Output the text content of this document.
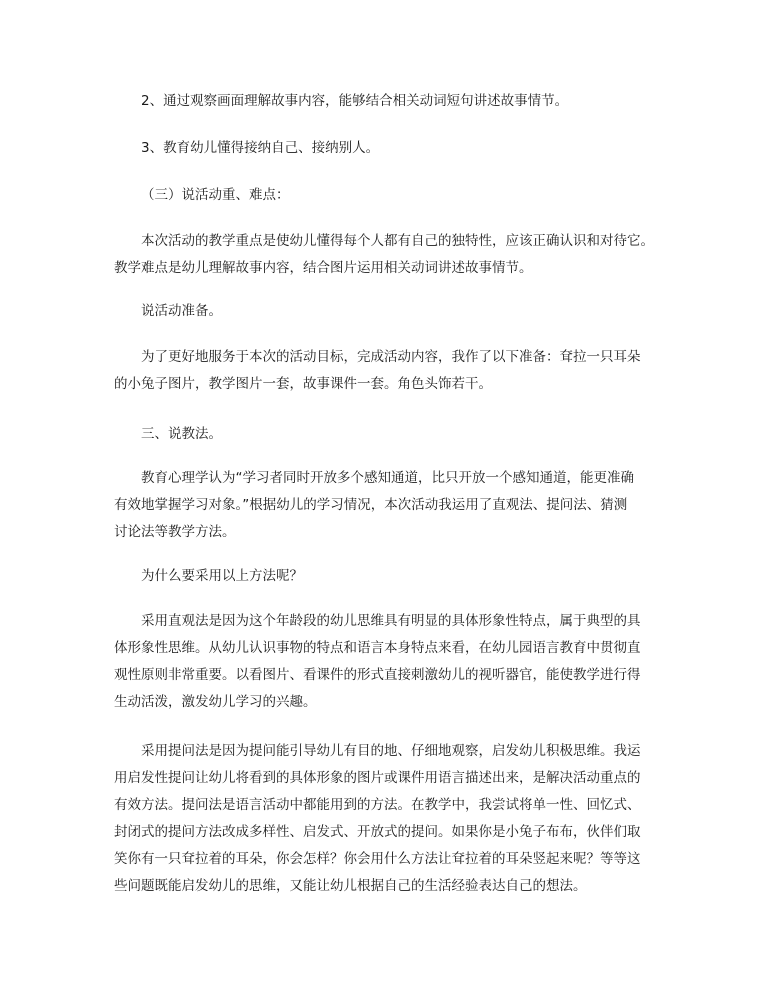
2、通过观察画面理解故事内容，能够结合相关动词短句讲述故事情节。

3、教育幼儿懂得接纳自己、接纳别人。

（三）说活动重、难点：

本次活动的教学重点是使幼儿懂得每个人都有自己的独特性，应该正确认识和对待它。
教学难点是幼儿理解故事内容，结合图片运用相关动词讲述故事情节。

说活动准备。

为了更好地服务于本次的活动目标，完成活动内容，我作了以下准备：耷拉一只耳朵
的小兔子图片，教学图片一套，故事课件一套。角色头饰若干。

三、说教法。

教育心理学认为“学习者同时开放多个感知通道，比只开放一个感知通道，能更准确
有效地掌握学习对象。”根据幼儿的学习情况，本次活动我运用了直观法、提问法、猜测
讨论法等教学方法。

为什么要采用以上方法呢？

采用直观法是因为这个年龄段的幼儿思维具有明显的具体形象性特点，属于典型的具
体形象性思维。从幼儿认识事物的特点和语言本身特点来看，在幼儿园语言教育中贯彻直
观性原则非常重要。以看图片、看课件的形式直接刺激幼儿的视听器官，能使教学进行得
生动活泼，激发幼儿学习的兴趣。

采用提问法是因为提问能引导幼儿有目的地、仔细地观察，启发幼儿积极思维。我运
用启发性提问让幼儿将看到的具体形象的图片或课件用语言描述出来，是解决活动重点的
有效方法。提问法是语言活动中都能用到的方法。在教学中，我尝试将单一性、回忆式、
封闭式的提问方法改成多样性、启发式、开放式的提问。如果你是小兔子布布，伙伴们取
笑你有一只耷拉着的耳朵，你会怎样？你会用什么方法让耷拉着的耳朵竖起来呢？等等这
些问题既能启发幼儿的思维，又能让幼儿根据自己的生活经验表达自己的想法。
